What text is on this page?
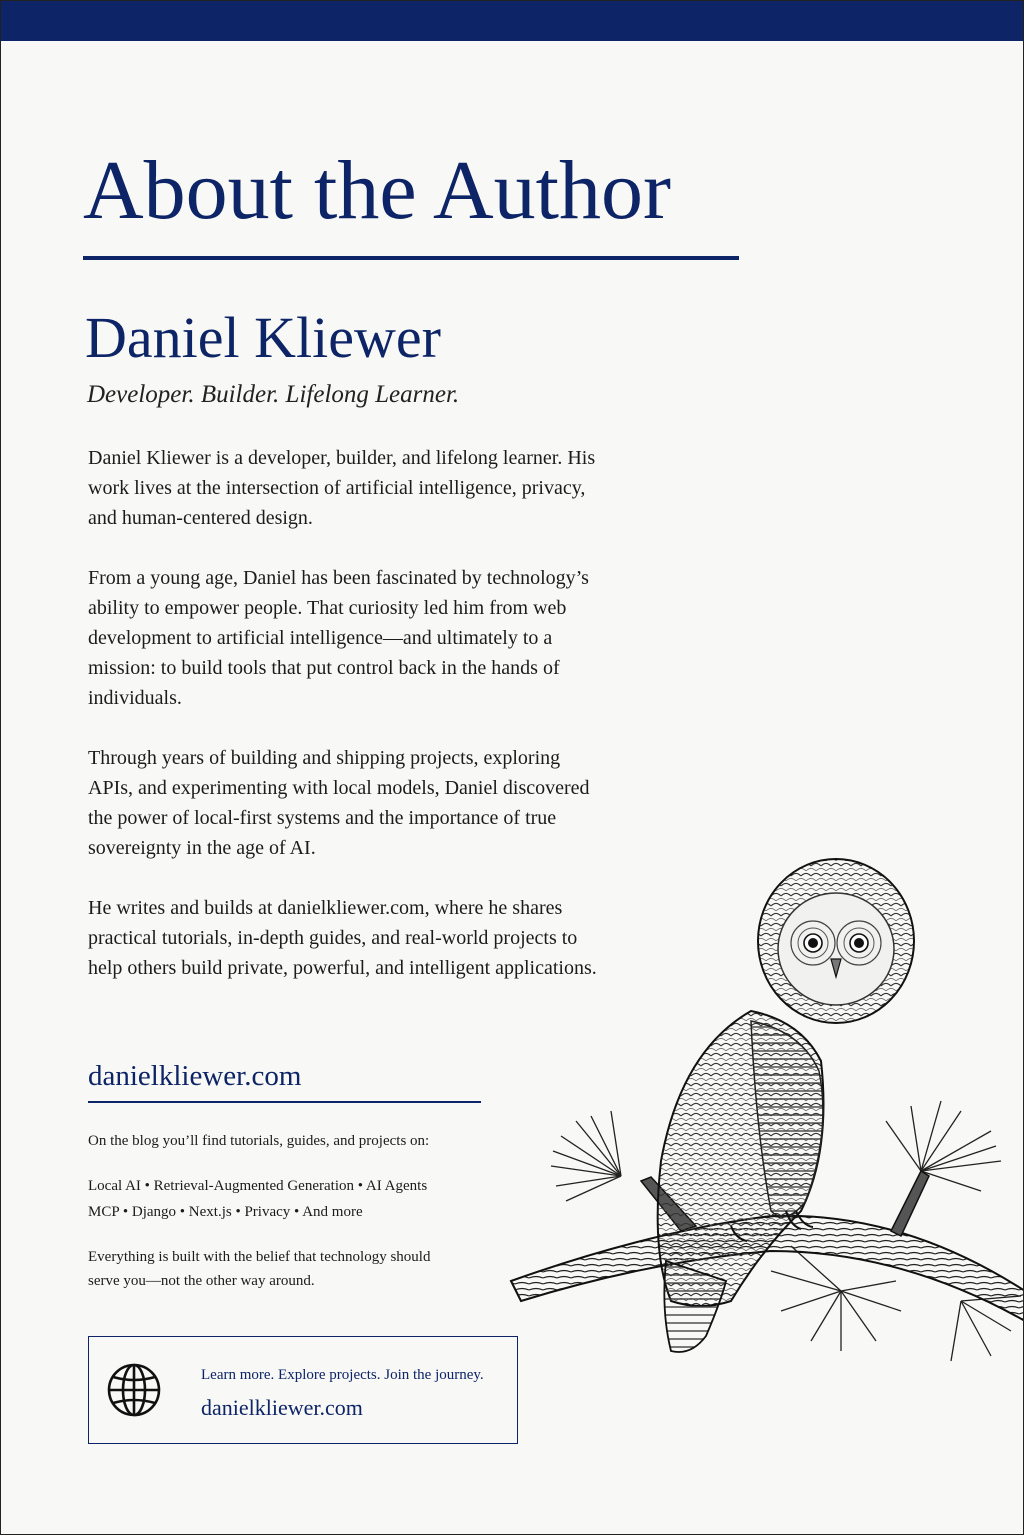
About the Author
Daniel Kliewer
Developer. Builder. Lifelong Learner.

Daniel Kliewer is a developer, builder, and lifelong learner. His work lives at the intersection of artificial intelligence, privacy, and human-centered design.

From a young age, Daniel has been fascinated by technology’s ability to empower people. That curiosity led him from web development to artificial intelligence—and ultimately to a mission: to build tools that put control back in the hands of individuals.

Through years of building and shipping projects, exploring APIs, and experimenting with local models, Daniel discovered the power of local-first systems and the importance of true sovereignty in the age of AI.

He writes and builds at danielkliewer.com, where he shares practical tutorials, in-depth guides, and real-world projects to help others build private, powerful, and intelligent applications.

danielkliewer.com
On the blog you’ll find tutorials, guides, and projects on:
Local AI • Retrieval-Augmented Generation • AI Agents
MCP • Django • Next.js • Privacy • And more
Everything is built with the belief that technology should serve you—not the other way around.
Learn more. Explore projects. Join the journey.
danielkliewer.com
